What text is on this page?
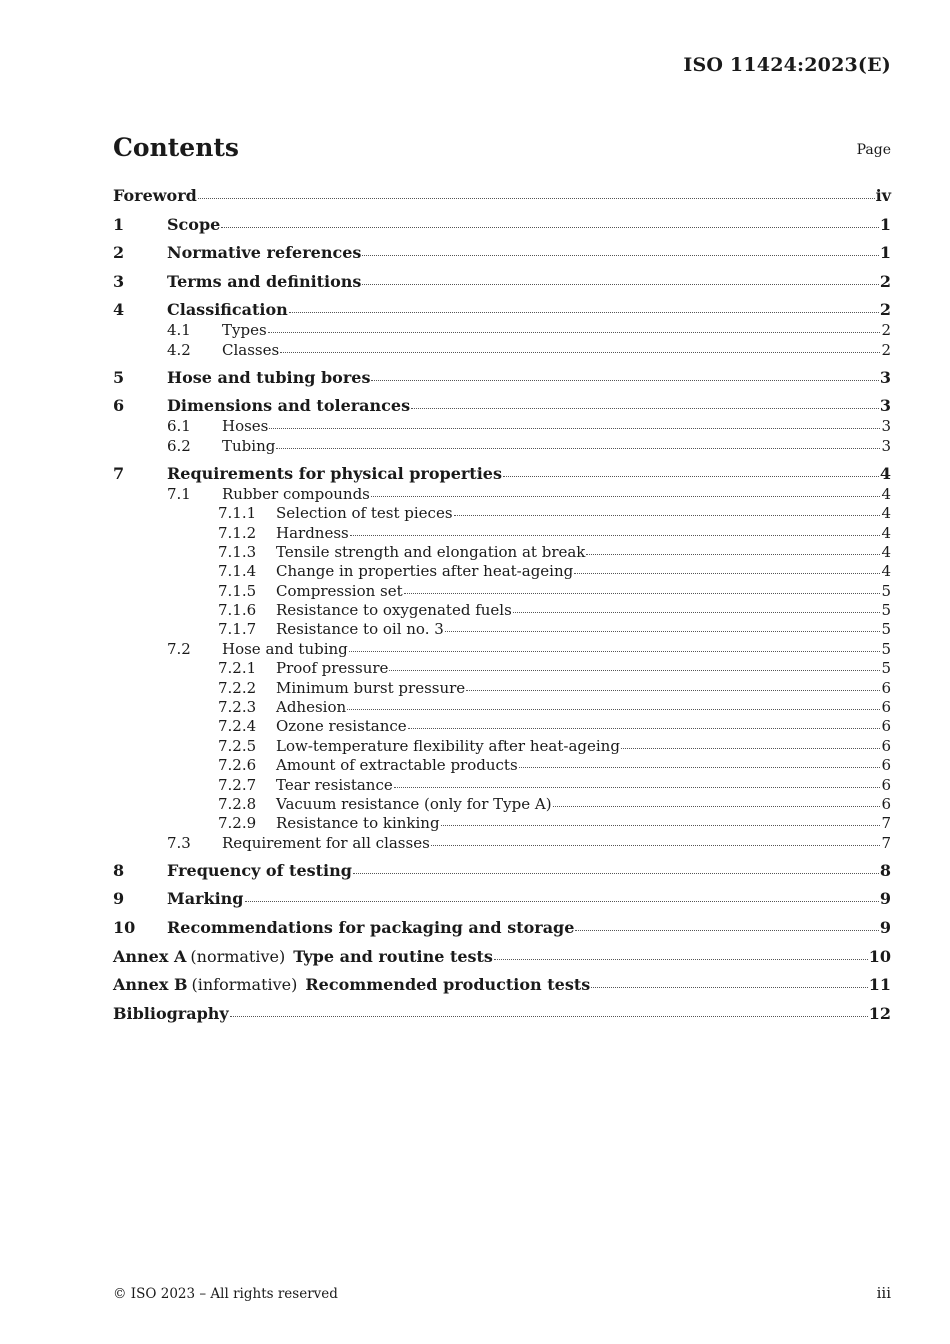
ISO 11424:2023(E)
Contents	Page
Foreword	iv
1	Scope	1
2	Normative references	1
3	Terms and definitions	2
4	Classification	2
4.1	Types	2
4.2	Classes	2
5	Hose and tubing bores	3
6	Dimensions and tolerances	3
6.1	Hoses	3
6.2	Tubing	3
7	Requirements for physical properties	4
7.1	Rubber compounds	4
7.1.1	Selection of test pieces	4
7.1.2	Hardness	4
7.1.3	Tensile strength and elongation at break	4
7.1.4	Change in properties after heat-ageing	4
7.1.5	Compression set	5
7.1.6	Resistance to oxygenated fuels	5
7.1.7	Resistance to oil no. 3	5
7.2	Hose and tubing	5
7.2.1	Proof pressure	5
7.2.2	Minimum burst pressure	6
7.2.3	Adhesion	6
7.2.4	Ozone resistance	6
7.2.5	Low-temperature flexibility after heat-ageing	6
7.2.6	Amount of extractable products	6
7.2.7	Tear resistance	6
7.2.8	Vacuum resistance (only for Type A)	6
7.2.9	Resistance to kinking	7
7.3	Requirement for all classes	7
8	Frequency of testing	8
9	Marking	9
10	Recommendations for packaging and storage	9
Annex A (normative) Type and routine tests	10
Annex B (informative) Recommended production tests	11
Bibliography	12
© ISO 2023 – All rights reserved	iii
